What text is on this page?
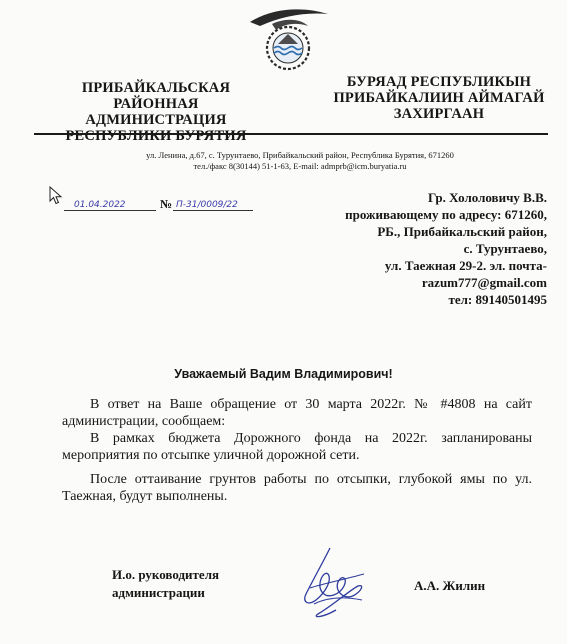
ПРИБАЙКАЛЬСКАЯ РАЙОННАЯ
АДМИНИСТРАЦИЯ
РЕСПУБЛИКИ БУРЯТИЯ
БУРЯАД РЕСПУБЛИКЫН
ПРИБАЙКАЛИИН АЙМАГАЙ
ЗАХИРГААН
ул. Ленина, д.67, с. Турунтаево, Прибайкальский район, Республика Бурятия, 671260
тел./факс 8(30144) 51-1-63, E-mail: admprb@icm.buryatia.ru
01.04.2022	№ П-31/0009/22	Гр. Хололовичу В.В.
проживающему по адресу: 671260,
РБ., Прибайкальский район,
с. Турунтаево,
ул. Таежная 29-2. эл. почта-
razum777@gmail.com
тел: 89140501495
Уважаемый Вадим Владимирович!
В ответ на Ваше обращение от 30 марта 2022г. № #4808 на сайт администрации, сообщаем:
В рамках бюджета Дорожного фонда на 2022г. запланированы мероприятия по отсыпке уличной дорожной сети.
После оттаивание грунтов работы по отсыпки, глубокой ямы по ул. Таежная, будут выполнены.
И.о. руководителя
администрации	А.А. Жилин
